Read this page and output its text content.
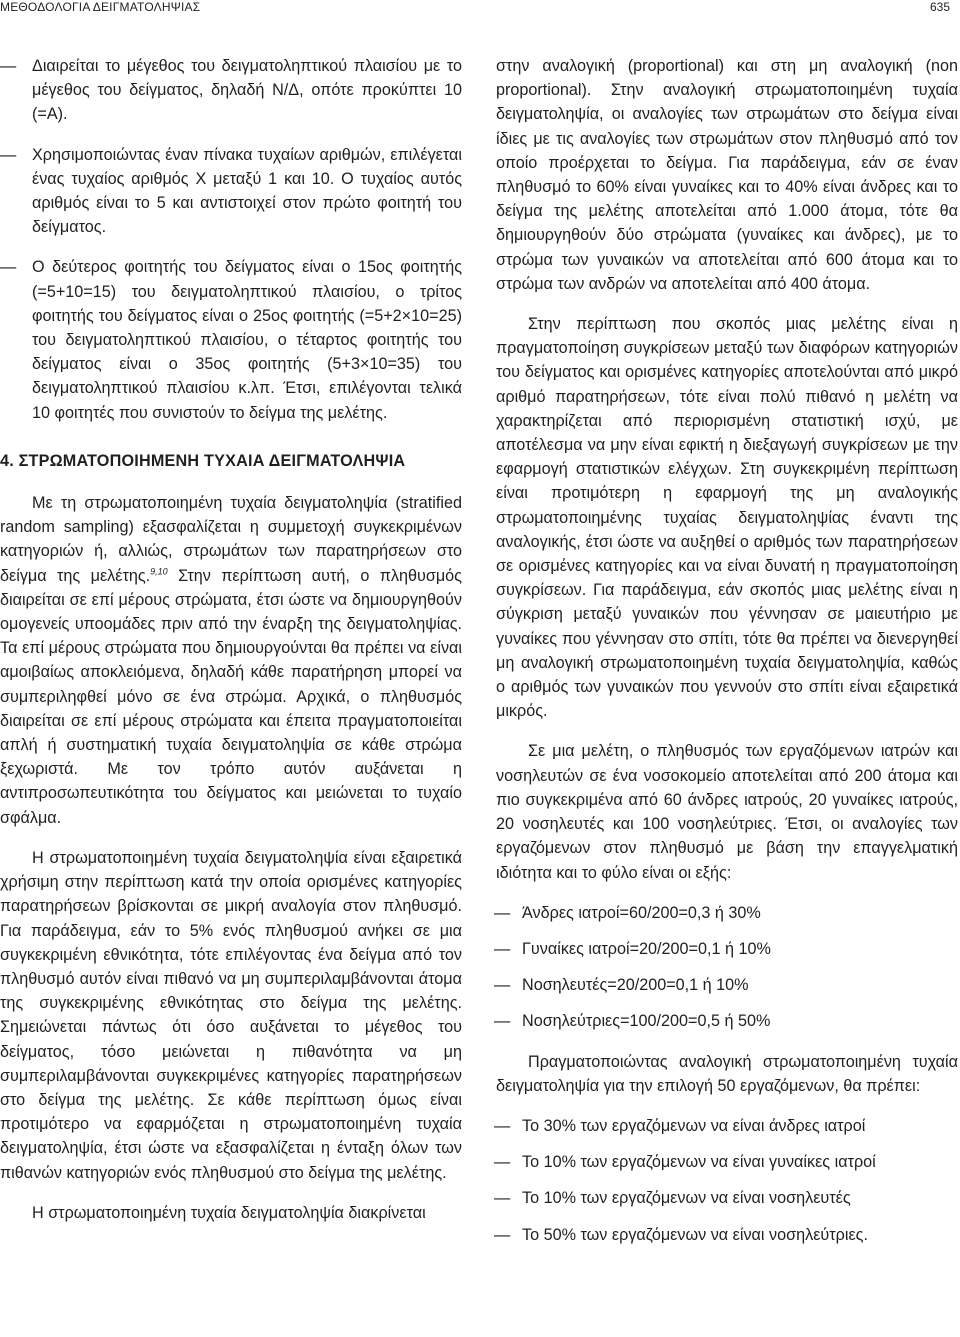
ΜΕΘΟΔΟΛΟΓΙΑ ΔΕΙΓΜΑΤΟΛΗΨΙΑΣ	635
— Διαιρείται το μέγεθος του δειγματοληπτικού πλαισίου με το μέγεθος του δείγματος, δηλαδή Ν/Δ, οπότε προκύπτει 10 (=Α).
— Χρησιμοποιώντας έναν πίνακα τυχαίων αριθμών, επιλέγεται ένας τυχαίος αριθμός Χ μεταξύ 1 και 10. Ο τυχαίος αυτός αριθμός είναι το 5 και αντιστοιχεί στον πρώτο φοιτητή του δείγματος.
— Ο δεύτερος φοιτητής του δείγματος είναι ο 15ος φοιτητής (=5+10=15) του δειγματοληπτικού πλαισίου, ο τρίτος φοιτητής του δείγματος είναι ο 25ος φοιτητής (=5+2×10=25) του δειγματοληπτικού πλαισίου, ο τέταρτος φοιτητής του δείγματος είναι ο 35ος φοιτητής (5+3×10=35) του δειγματοληπτικού πλαισίου κ.λπ. Έτσι, επιλέγονται τελικά 10 φοιτητές που συνιστούν το δείγμα της μελέτης.
4. ΣΤΡΩΜΑΤΟΠΟΙΗΜΕΝΗ ΤΥΧΑΙΑ ΔΕΙΓΜΑΤΟΛΗΨΙΑ

Με τη στρωματοποιημένη τυχαία δειγματοληψία (stratified random sampling) εξασφαλίζεται η συμμετοχή συγκεκριμένων κατηγοριών ή, αλλιώς, στρωμάτων των παρατηρήσεων στο δείγμα της μελέτης.$^{9,10}$ Στην περίπτωση αυτή, ο πληθυσμός διαιρείται σε επί μέρους στρώματα, έτσι ώστε να δημιουργηθούν ομογενείς υποομάδες πριν από την έναρξη της δειγματοληψίας. Τα επί μέρους στρώματα που δημιουργούνται θα πρέπει να είναι αμοιβαίως αποκλειόμενα, δηλαδή κάθε παρατήρηση μπορεί να συμπεριληφθεί μόνο σε ένα στρώμα. Αρχικά, ο πληθυσμός διαιρείται σε επί μέρους στρώματα και έπειτα πραγματοποιείται απλή ή συστηματική τυχαία δειγματοληψία σε κάθε στρώμα ξεχωριστά. Με τον τρόπο αυτόν αυξάνεται η αντιπροσωπευτικότητα του δείγματος και μειώνεται το τυχαίο σφάλμα.

Η στρωματοποιημένη τυχαία δειγματοληψία είναι εξαιρετικά χρήσιμη στην περίπτωση κατά την οποία ορισμένες κατηγορίες παρατηρήσεων βρίσκονται σε μικρή αναλογία στον πληθυσμό. Για παράδειγμα, εάν το 5% ενός πληθυσμού ανήκει σε μια συγκεκριμένη εθνικότητα, τότε επιλέγοντας ένα δείγμα από τον πληθυσμό αυτόν είναι πιθανό να μη συμπεριλαμβάνονται άτομα της συγκεκριμένης εθνικότητας στο δείγμα της μελέτης. Σημειώνεται πάντως ότι όσο αυξάνεται το μέγεθος του δείγματος, τόσο μειώνεται η πιθανότητα να μη συμπεριλαμβάνονται συγκεκριμένες κατηγορίες παρατηρήσεων στο δείγμα της μελέτης. Σε κάθε περίπτωση όμως είναι προτιμότερο να εφαρμόζεται η στρωματοποιημένη τυχαία δειγματοληψία, έτσι ώστε να εξασφαλίζεται η ένταξη όλων των πιθανών κατηγοριών ενός πληθυσμού στο δείγμα της μελέτης.

Η στρωματοποιημένη τυχαία δειγματοληψία διακρίνεται

στην αναλογική (proportional) και στη μη αναλογική (non proportional). Στην αναλογική στρωματοποιημένη τυχαία δειγματοληψία, οι αναλογίες των στρωμάτων στο δείγμα είναι ίδιες με τις αναλογίες των στρωμάτων στον πληθυσμό από τον οποίο προέρχεται το δείγμα. Για παράδειγμα, εάν σε έναν πληθυσμό το 60% είναι γυναίκες και το 40% είναι άνδρες και το δείγμα της μελέτης αποτελείται από 1.000 άτομα, τότε θα δημιουργηθούν δύο στρώματα (γυναίκες και άνδρες), με το στρώμα των γυναικών να αποτελείται από 600 άτομα και το στρώμα των ανδρών να αποτελείται από 400 άτομα.

Στην περίπτωση που σκοπός μιας μελέτης είναι η πραγματοποίηση συγκρίσεων μεταξύ των διαφόρων κατηγοριών του δείγματος και ορισμένες κατηγορίες αποτελούνται από μικρό αριθμό παρατηρήσεων, τότε είναι πολύ πιθανό η μελέτη να χαρακτηρίζεται από περιορισμένη στατιστική ισχύ, με αποτέλεσμα να μην είναι εφικτή η διεξαγωγή συγκρίσεων με την εφαρμογή στατιστικών ελέγχων. Στη συγκεκριμένη περίπτωση είναι προτιμότερη η εφαρμογή της μη αναλογικής στρωματοποιημένης τυχαίας δειγματοληψίας έναντι της αναλογικής, έτσι ώστε να αυξηθεί ο αριθμός των παρατηρήσεων σε ορισμένες κατηγορίες και να είναι δυνατή η πραγματοποίηση συγκρίσεων. Για παράδειγμα, εάν σκοπός μιας μελέτης είναι η σύγκριση μεταξύ γυναικών που γέννησαν σε μαιευτήριο με γυναίκες που γέννησαν στο σπίτι, τότε θα πρέπει να διενεργηθεί μη αναλογική στρωματοποιημένη τυχαία δειγματοληψία, καθώς ο αριθμός των γυναικών που γεννούν στο σπίτι είναι εξαιρετικά μικρός.

Σε μια μελέτη, ο πληθυσμός των εργαζόμενων ιατρών και νοσηλευτών σε ένα νοσοκομείο αποτελείται από 200 άτομα και πιο συγκεκριμένα από 60 άνδρες ιατρούς, 20 γυναίκες ιατρούς, 20 νοσηλευτές και 100 νοσηλεύτριες. Έτσι, οι αναλογίες των εργαζόμενων στον πληθυσμό με βάση την επαγγελματική ιδιότητα και το φύλο είναι οι εξής:

— Άνδρες ιατροί=60/200=0,3 ή 30%
— Γυναίκες ιατροί=20/200=0,1 ή 10%
— Νοσηλευτές=20/200=0,1 ή 10%
— Νοσηλεύτριες=100/200=0,5 ή 50%

Πραγματοποιώντας αναλογική στρωματοποιημένη τυχαία δειγματοληψία για την επιλογή 50 εργαζόμενων, θα πρέπει:

— Το 30% των εργαζόμενων να είναι άνδρες ιατροί
— Το 10% των εργαζόμενων να είναι γυναίκες ιατροί
— Το 10% των εργαζόμενων να είναι νοσηλευτές
— Το 50% των εργαζόμενων να είναι νοσηλεύτριες.
